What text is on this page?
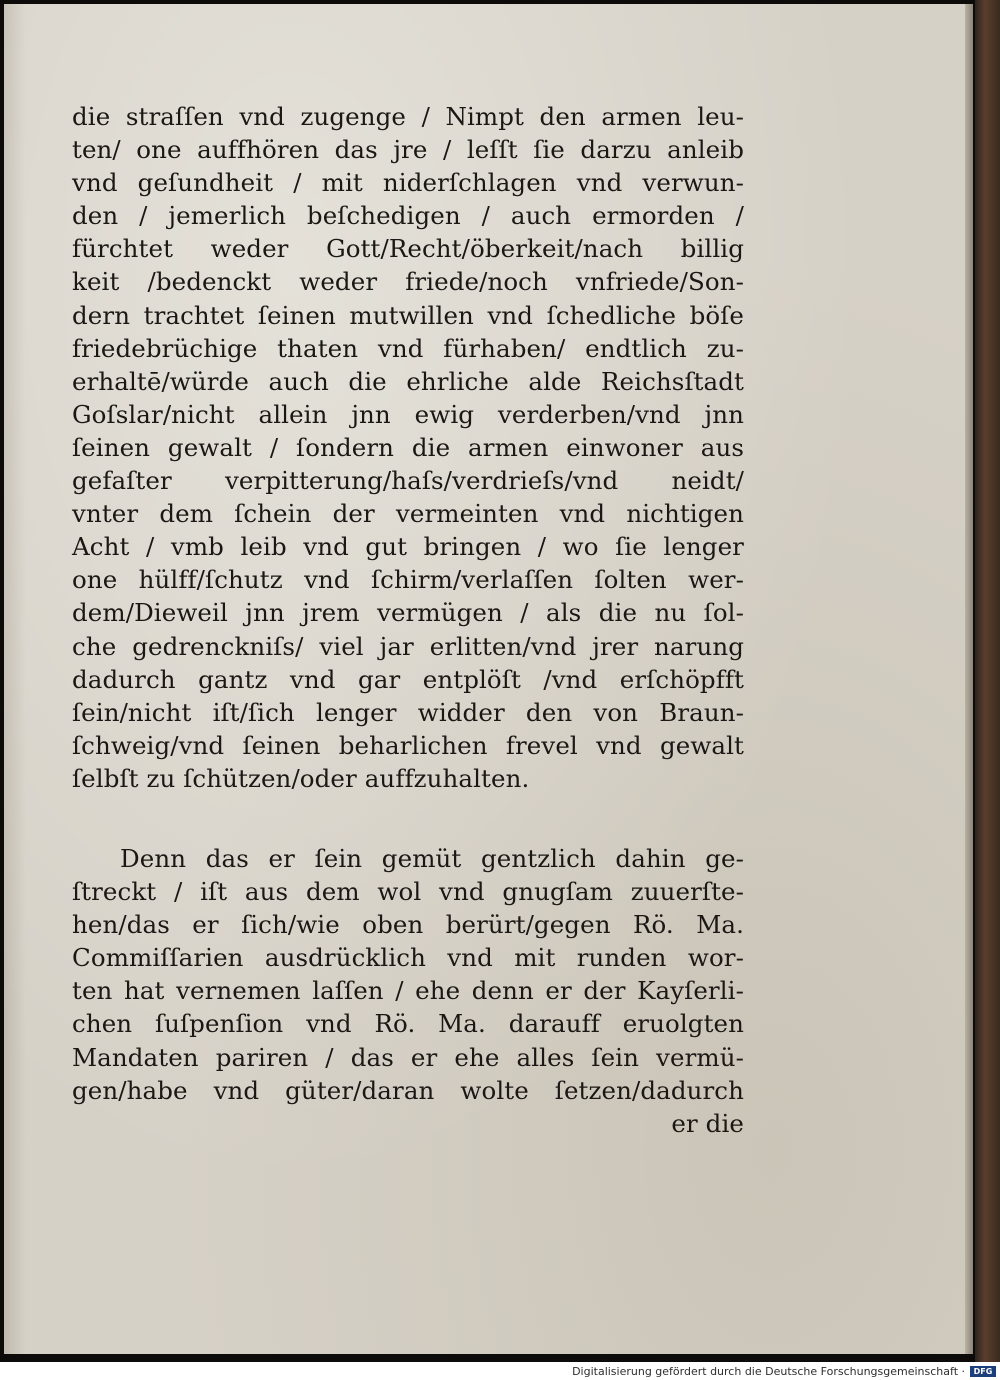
die straſſen vnd zugenge / Nimpt den armen leu-
ten/ one auffhören das jre / leſſt ſie darzu anleib
vnd geſundheit / mit niderſchlagen vnd verwun-
den / jemerlich beſchedigen / auch ermorden /
fürchtet weder Gott/Recht/öberkeit/nach billig
keit /bedenckt weder friede/noch vnfriede/Son-
dern trachtet ſeinen mutwillen vnd ſchedliche böſe
friedebrüchige thaten vnd fürhaben/ endtlich zu-
erhaltē/würde auch die ehrliche alde Reichsſtadt
Goſslar/nicht allein jnn ewig verderben/vnd jnn
ſeinen gewalt / ſondern die armen einwoner aus
gefaſter verpitterung/haſs/verdrieſs/vnd neidt/
vnter dem ſchein der vermeinten vnd nichtigen
Acht / vmb leib vnd gut bringen / wo ſie lenger
one hülff/ſchutz vnd ſchirm/verlaſſen ſolten wer-
dem/Dieweil jnn jrem vermügen / als die nu ſol-
che gedrenckniſs/ viel jar erlitten/vnd jrer narung
dadurch gantz vnd gar entplöſt /vnd erſchöpfft
ſein/nicht iſt/ſich lenger widder den von Braun-
ſchweig/vnd ſeinen beharlichen frevel vnd gewalt
ſelbſt zu ſchützen/oder auffzuhalten.
Denn das er ſein gemüt gentzlich dahin ge-
ſtreckt / iſt aus dem wol vnd gnugſam zuuerſte-
hen/das er ſich/wie oben berürt/gegen Rö. Ma.
Commiſſarien ausdrücklich vnd mit runden wor-
ten hat vernemen laſſen / ehe denn er der Kayſerli-
chen ſuſpenſion vnd Rö. Ma. darauff eruolgten
Mandaten pariren / das er ehe alles ſein vermü-
gen/habe vnd güter/daran wolte ſetzen/dadurch
er die
Digitalisierung gefördert durch die Deutsche Forschungsgemeinschaft ·	DFG
